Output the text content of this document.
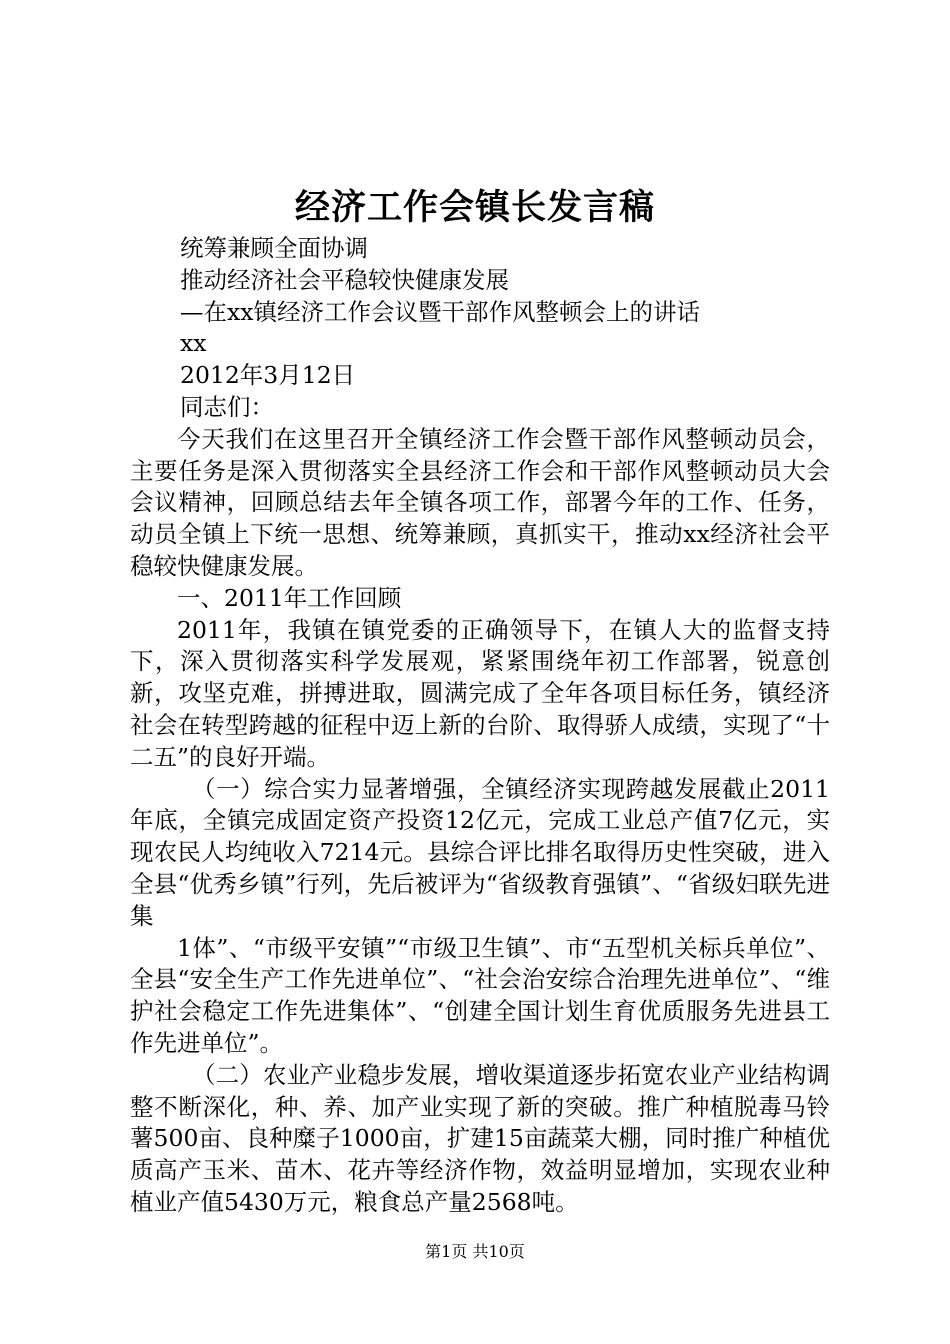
经济工作会镇长发言稿
统筹兼顾全面协调
推动经济社会平稳较快健康发展
—在xx镇经济工作会议暨干部作风整顿会上的讲话
xx
2012年3月12日
同志们：

今天我们在这里召开全镇经济工作会暨干部作风整顿动员会，主要任务是深入贯彻落实全县经济工作会和干部作风整顿动员大会会议精神，回顾总结去年全镇各项工作，部署今年的工作、任务，动员全镇上下统一思想、统筹兼顾，真抓实干，推动xx经济社会平稳较快健康发展。

一、2011年工作回顾

2011年，我镇在镇党委的正确领导下，在镇人大的监督支持下，深入贯彻落实科学发展观，紧紧围绕年初工作部署，锐意创新，攻坚克难，拼搏进取，圆满完成了全年各项目标任务，镇经济社会在转型跨越的征程中迈上新的台阶、取得骄人成绩，实现了“十二五”的良好开端。

（一）综合实力显著增强，全镇经济实现跨越发展截止2011年底，全镇完成固定资产投资12亿元，完成工业总产值7亿元，实现农民人均纯收入7214元。县综合评比排名取得历史性突破，进入全县“优秀乡镇”行列，先后被评为“省级教育强镇”、“省级妇联先进集

1体”、“市级平安镇”“市级卫生镇”、市“五型机关标兵单位”、全县“安全生产工作先进单位”、“社会治安综合治理先进单位”、“维护社会稳定工作先进集体”、“创建全国计划生育优质服务先进县工作先进单位”。

（二）农业产业稳步发展，增收渠道逐步拓宽农业产业结构调整不断深化，种、养、加产业实现了新的突破。推广种植脱毒马铃薯500亩、良种糜子1000亩，扩建15亩蔬菜大棚，同时推广种植优质高产玉米、苗木、花卉等经济作物，效益明显增加，实现农业种植业产值5430万元，粮食总产量2568吨。

第1页 共10页
